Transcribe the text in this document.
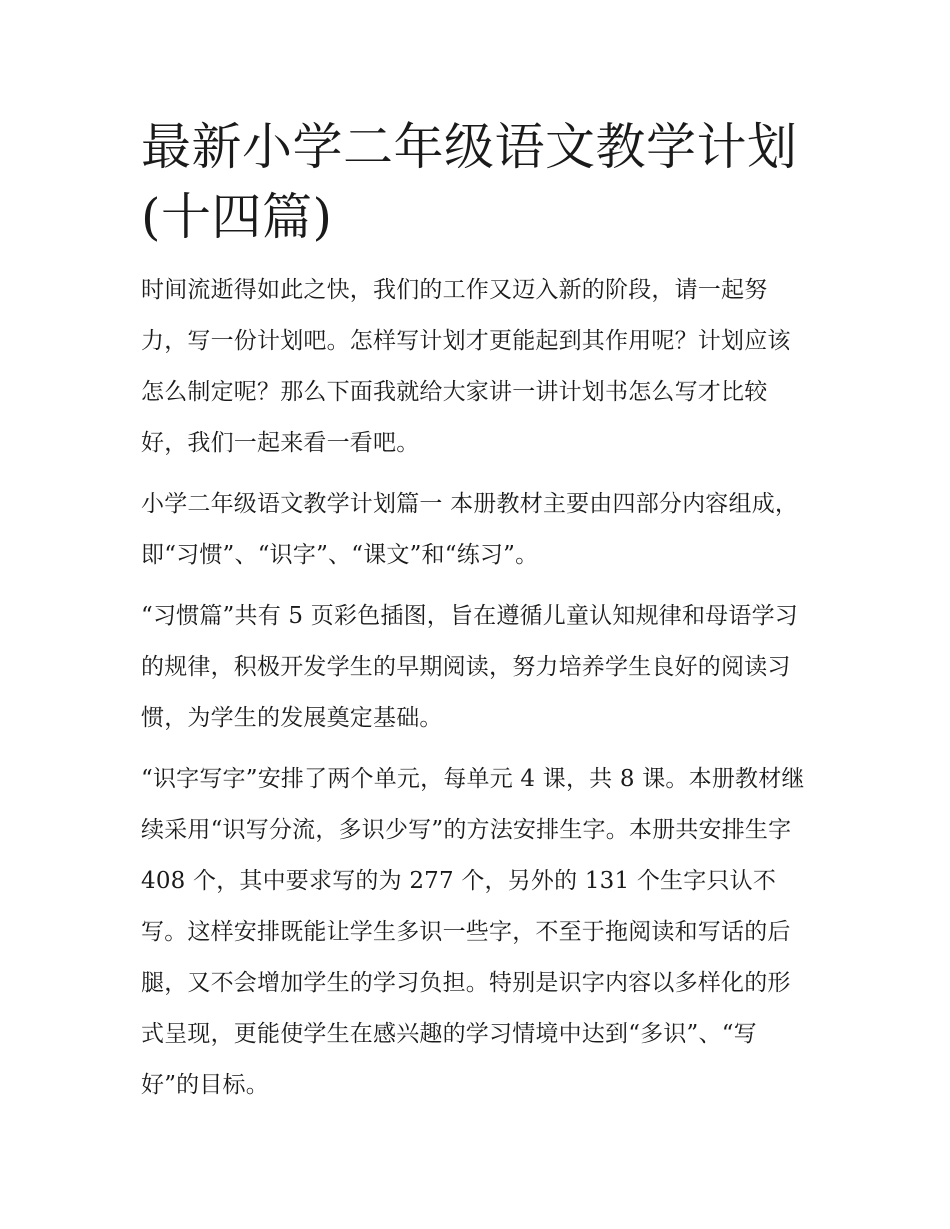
最新小学二年级语文教学计划(十四篇)

时间流逝得如此之快，我们的工作又迈入新的阶段，请一起努力，写一份计划吧。怎样写计划才更能起到其作用呢？计划应该怎么制定呢？那么下面我就给大家讲一讲计划书怎么写才比较好，我们一起来看一看吧。

小学二年级语文教学计划篇一 本册教材主要由四部分内容组成，即“习惯”、“识字”、“课文”和“练习”。

“习惯篇”共有 5 页彩色插图，旨在遵循儿童认知规律和母语学习的规律，积极开发学生的早期阅读，努力培养学生良好的阅读习惯，为学生的发展奠定基础。

“识字写字”安排了两个单元，每单元 4 课，共 8 课。本册教材继续采用“识写分流，多识少写”的方法安排生字。本册共安排生字 408 个，其中要求写的为 277 个，另外的 131 个生字只认不写。这样安排既能让学生多识一些字，不至于拖阅读和写话的后腿，又不会增加学生的学习负担。特别是识字内容以多样化的形式呈现，更能使学生在感兴趣的学习情境中达到“多识”、“写好”的目标。
